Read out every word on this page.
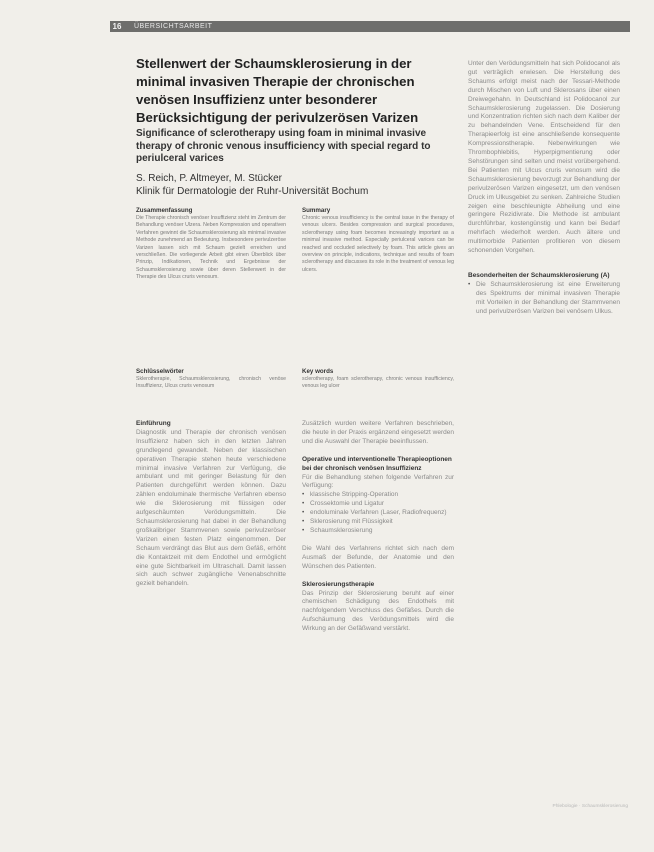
16	ÜBERSICHTSARBEIT
Stellenwert der Schaumsklerosierung in der minimal invasiven Therapie der chronischen venösen Insuffizienz unter besonderer Berücksichtigung der perivulzerösen Varizen
Significance of sclerotherapy using foam in minimal invasive therapy of chronic venous insufficiency with special regard to periulceral varices
S. Reich, P. Altmeyer, M. Stücker
Klinik für Dermatologie der Ruhr-Universität Bochum
Zusammenfassung

Die Therapie chronisch venöser Insuffizienz steht im Zentrum der Behandlung venöser Ulzera. Neben Kompression und operativen Verfahren gewinnt die Schaumsklerosierung als minimal invasive Methode zunehmend an Bedeutung. Insbesondere perivulzeröse Varizen lassen sich mit Schaum gezielt erreichen und verschließen. Die vorliegende Arbeit gibt einen Überblick über Prinzip, Indikationen, Technik und Ergebnisse der Schaumsklerosierung sowie über deren Stellenwert in der Therapie des Ulcus cruris venosum.

Summary

Chronic venous insufficiency is the central issue in the therapy of venous ulcers. Besides compression and surgical procedures, sclerotherapy using foam becomes increasingly important as a minimal invasive method. Especially periulceral varices can be reached and occluded selectively by foam. This article gives an overview on principle, indications, technique and results of foam sclerotherapy and discusses its role in the treatment of venous leg ulcers.

Schlüsselwörter

Sklerotherapie, Schaumsklerosierung, chronisch venöse Insuffizienz, Ulcus cruris venosum

Key words

sclerotherapy, foam sclerotherapy, chronic venous insufficiency, venous leg ulcer

Einführung

Diagnostik und Therapie der chronisch venösen Insuffizienz haben sich in den letzten Jahren grundlegend gewandelt. Neben der klassischen operativen Therapie stehen heute verschiedene minimal invasive Verfahren zur Verfügung, die ambulant und mit geringer Belastung für den Patienten durchgeführt werden können. Dazu zählen endoluminale thermische Verfahren ebenso wie die Sklerosierung mit flüssigen oder aufgeschäumten Verödungsmitteln. Die Schaumsklerosierung hat dabei in der Behandlung großkalibriger Stammvenen sowie perivulzeröser Varizen einen festen Platz eingenommen. Der Schaum verdrängt das Blut aus dem Gefäß, erhöht die Kontaktzeit mit dem Endothel und ermöglicht eine gute Sichtbarkeit im Ultraschall. Damit lassen sich auch schwer zugängliche Venenabschnitte gezielt behandeln.

Zusätzlich wurden weitere Verfahren beschrieben, die heute in der Praxis ergänzend eingesetzt werden und die Auswahl der Therapie beeinflussen.

Operative und interventionelle Therapieoptionen bei der chronisch venösen Insuffizienz

Für die Behandlung stehen folgende Verfahren zur Verfügung:

• klassische Stripping-Operation
• Crossektomie und Ligatur
• endoluminale Verfahren (Laser, Radiofrequenz)
• Sklerosierung mit Flüssigkeit
• Schaumsklerosierung

Die Wahl des Verfahrens richtet sich nach dem Ausmaß der Befunde, der Anatomie und den Wünschen des Patienten.

Sklerosierungstherapie

Das Prinzip der Sklerosierung beruht auf einer chemischen Schädigung des Endothels mit nachfolgendem Verschluss des Gefäßes. Durch die Aufschäumung des Verödungsmittels wird die Wirkung an der Gefäßwand verstärkt.

Unter den Verödungsmitteln hat sich Polidocanol als gut verträglich erwiesen. Die Herstellung des Schaums erfolgt meist nach der Tessari-Methode durch Mischen von Luft und Sklerosans über einen Dreiwegehahn. In Deutschland ist Polidocanol zur Schaumsklerosierung zugelassen. Die Dosierung und Konzentration richten sich nach dem Kaliber der zu behandelnden Vene. Entscheidend für den Therapieerfolg ist eine anschließende konsequente Kompressionstherapie. Nebenwirkungen wie Thrombophlebitis, Hyperpigmentierung oder Sehstörungen sind selten und meist vorübergehend. Bei Patienten mit Ulcus cruris venosum wird die Schaumsklerosierung bevorzugt zur Behandlung der perivulzerösen Varizen eingesetzt, um den venösen Druck im Ulkusgebiet zu senken. Zahlreiche Studien zeigen eine beschleunigte Abheilung und eine geringere Rezidivrate. Die Methode ist ambulant durchführbar, kostengünstig und kann bei Bedarf mehrfach wiederholt werden. Auch ältere und multimorbide Patienten profitieren von diesem schonenden Vorgehen.

Besonderheiten der Schaumsklerosierung (A)

• Die Schaumsklerosierung ist eine Erweiterung des Spektrums der minimal invasiven Therapie mit Vorteilen in der Behandlung der Stammvenen und perivulzerösen Varizen bei venösem Ulkus.
Phlebologie · Schaumsklerosierung
